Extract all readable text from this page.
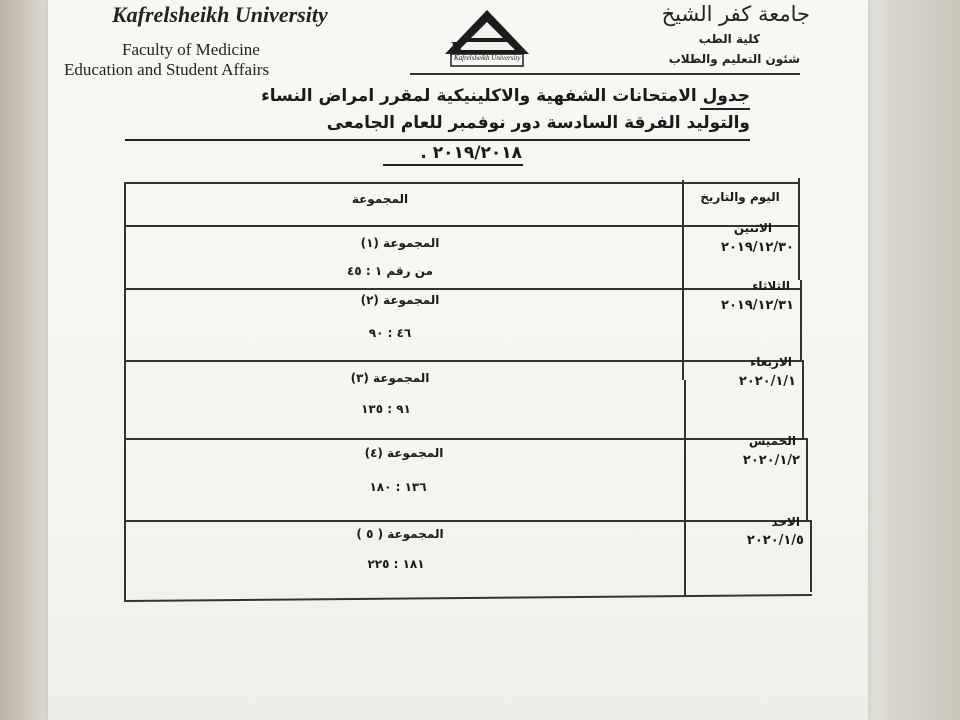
Kafrelsheikh University
Faculty of Medicine
Education and Student Affairs
K
Kafrelsheikh University
جامعة كفر الشيخ
كلية الطب
شئون التعليم والطلاب
جدول الامتحانات الشفهية والاكلينيكية لمقرر امراض النساء
والتوليد الفرقة السادسة دور نوفمبر للعام الجامعى
٢٠١٩/٢٠١٨ .
اليوم والتاريخ
المجموعة
الاثنين
٢٠١٩/١٢/٣٠
المجموعة (١)
من رقم ١ : ٤٥
الثلاثاء
٢٠١٩/١٢/٣١
المجموعة (٢)
٤٦ : ٩٠
الاربعاء
٢٠٢٠/١/١
المجموعة (٣)
٩١ : ١٣٥
الخميس
٢٠٢٠/١/٢
المجموعة (٤)
١٣٦ : ١٨٠
الاحد
٢٠٢٠/١/٥
المجموعة ( ٥ )
١٨١ : ٢٢٥
